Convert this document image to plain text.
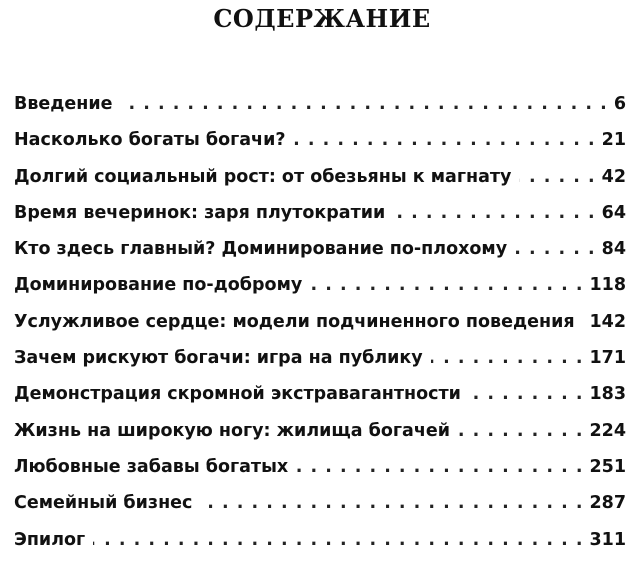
СОДЕРЖАНИЕ
Введение . . .	6
Насколько богаты богачи? . . .	21
Долгий социальный рост: от обезьяны к магнату . . .	42
Время вечеринок: заря плутократии . . .	64
Кто здесь главный? Доминирование по-плохому . . .	84
Доминирование по-доброму . . .	118
Услужливое сердце: модели подчиненного поведения . . . 142
Зачем рискуют богачи: игра на публику . . .	171
Демонстрация скромной экстравагантности . . .	183
Жизнь на широкую ногу: жилища богачей . . .	224
Любовные забавы богатых . . .	251
Семейный бизнес . . .	287
Эпилог . . .	311
